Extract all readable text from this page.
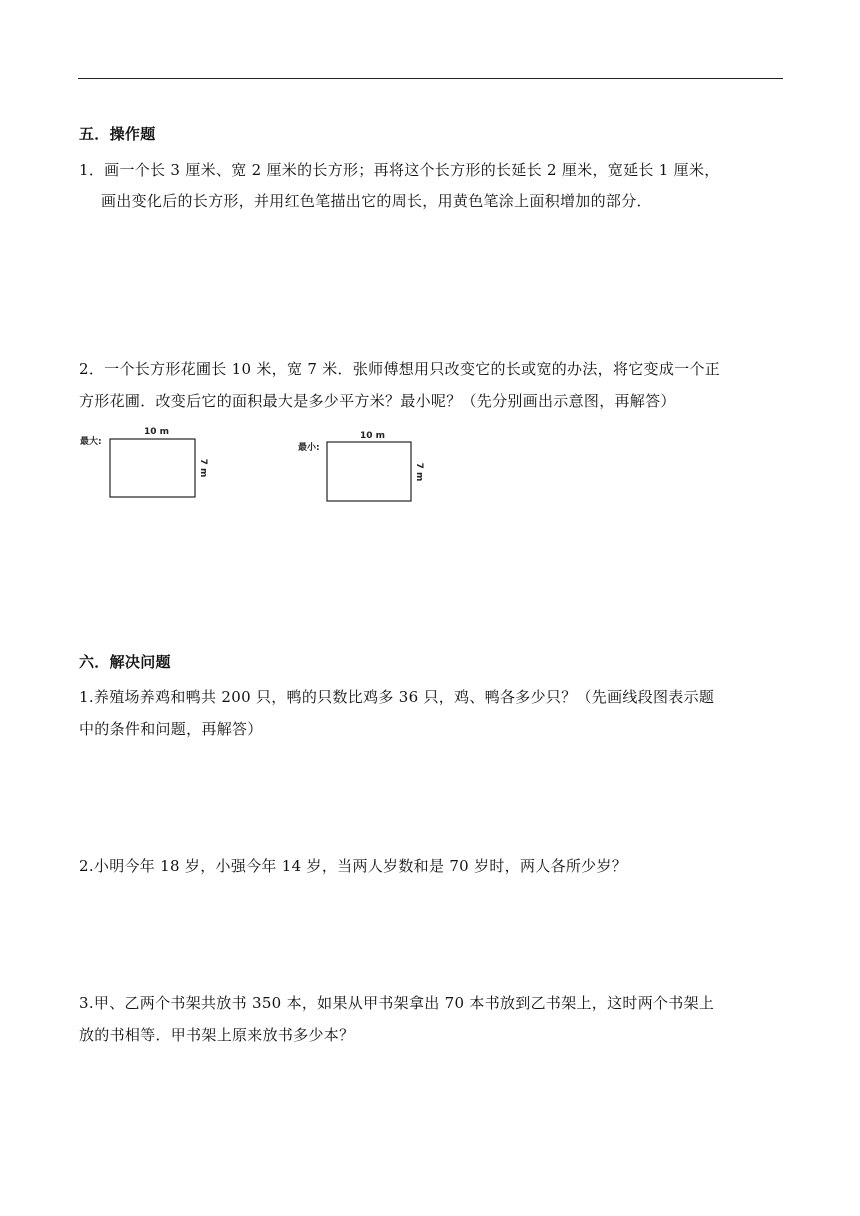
五．操作题
1．画一个长 3 厘米、宽 2 厘米的长方形；再将这个长方形的长延长 2 厘米，宽延长 1 厘米，
画出变化后的长方形，并用红色笔描出它的周长，用黄色笔涂上面积增加的部分．
2．一个长方形花圃长 10 米，宽 7 米．张师傅想用只改变它的长或宽的办法，将它变成一个正
方形花圃．改变后它的面积最大是多少平方米？最小呢？（先分别画出示意图，再解答）
最大:
10 m
7 m
最小:
10 m
7 m
六．解决问题
1.养殖场养鸡和鸭共 200 只，鸭的只数比鸡多 36 只，鸡、鸭各多少只？（先画线段图表示题
中的条件和问题，再解答）
2.小明今年 18 岁，小强今年 14 岁，当两人岁数和是 70 岁时，两人各所少岁？
3.甲、乙两个书架共放书 350 本，如果从甲书架拿出 70 本书放到乙书架上，这时两个书架上
放的书相等．甲书架上原来放书多少本？
